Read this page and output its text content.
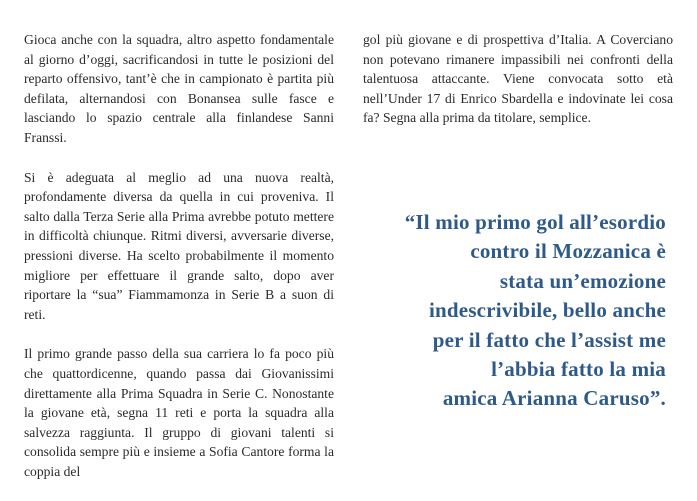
Gioca anche con la squadra, altro aspetto fondamentale al giorno d’oggi, sacrificandosi in tutte le posizioni del reparto offensivo, tant’è che in campionato è partita più defilata, alternandosi con Bonansea sulle fasce e lasciando lo spazio centrale alla finlandese Sanni Franssi.

Si è adeguata al meglio ad una nuova realtà, profondamente diversa da quella in cui proveniva. Il salto dalla Terza Serie alla Prima avrebbe potuto mettere in difficoltà chiunque. Ritmi diversi, avversarie diverse, pressioni diverse. Ha scelto probabilmente il momento migliore per effettuare il grande salto, dopo aver riportare la “sua” Fiammamonza in Serie B a suon di reti.

Il primo grande passo della sua carriera lo fa poco più che quattordicenne, quando passa dai Giovanissimi direttamente alla Prima Squadra in Serie C. Nonostante la giovane età, segna 11 reti e porta la squadra alla salvezza raggiunta. Il gruppo di giovani talenti si consolida sempre più e insieme a Sofia Cantore forma la coppia del

gol più giovane e di prospettiva d’Italia. A Coverciano non potevano rimanere impassibili nei confronti della talentuosa attaccante. Viene convocata sotto età nell’Under 17 di Enrico Sbardella e indovinate lei cosa fa? Segna alla prima da titolare, semplice.

“Il mio primo gol all’esordio
contro il Mozzanica è
stata un’emozione
indescrivibile, bello anche
per il fatto che l’assist me
l’abbia fatto la mia
amica Arianna Caruso”.
